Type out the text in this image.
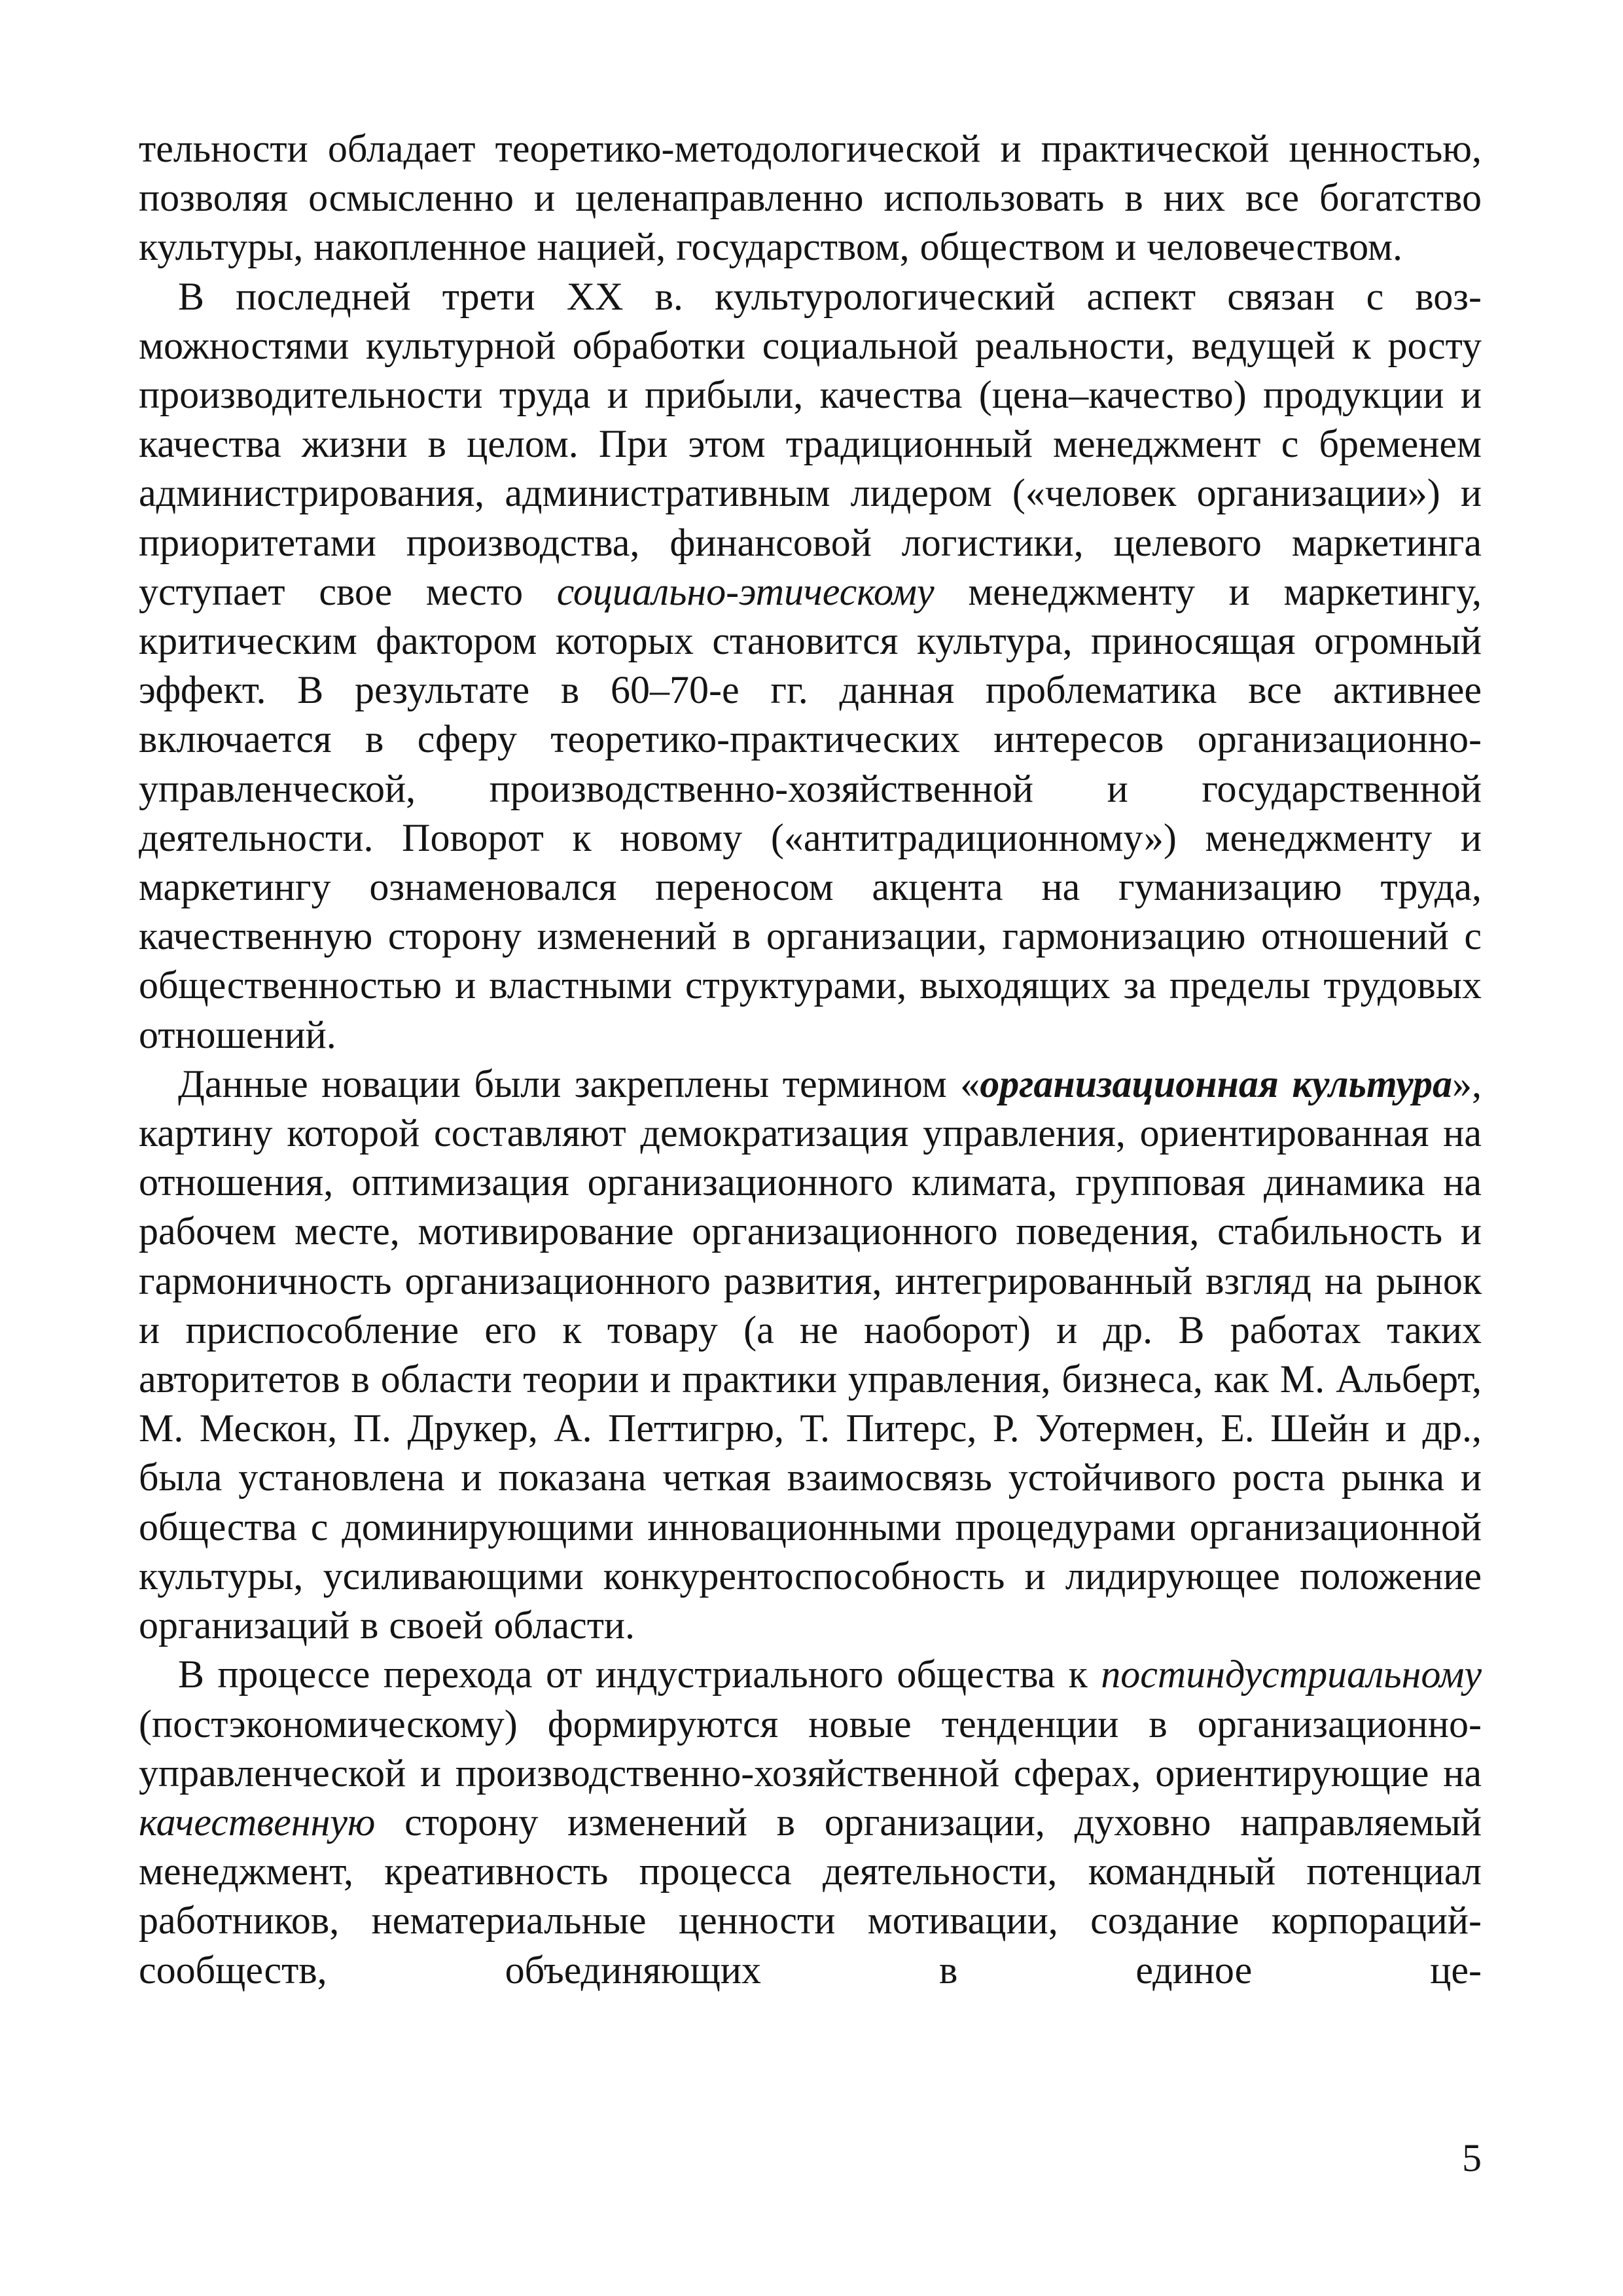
тельности обладает теоретико-методологической и практической ценностью, позволяя осмысленно и целенаправленно использовать в них все богатство культуры, накопленное нацией, государством, обществом и человечеством.

В последней трети XX в. культурологический аспект связан с возможностями культурной обработки социальной реальности, ведущей к росту производительности труда и прибыли, качества (цена–качество) продукции и качества жизни в целом. При этом традиционный менеджмент с бременем администрирования, административным лидером («человек организации») и приоритетами производства, финансовой логистики, целевого маркетинга уступает свое место социально-этическому менеджменту и маркетингу, критическим фактором которых становится культура, приносящая огромный эффект. В результате в 60–70-е гг. данная проблематика все активнее включается в сферу теоретико-практических интересов организационно-управленческой, производственно-хозяйственной и государственной деятельности. Поворот к новому («антитрадиционному») менеджменту и маркетингу ознаменовался переносом акцента на гуманизацию труда, качественную сторону изменений в организации, гармонизацию отношений с общественностью и властными структурами, выходящих за пределы трудовых отношений.

Данные новации были закреплены термином «организационная культура», картину которой составляют демократизация управления, ориентированная на отношения, оптимизация организационного климата, групповая динамика на рабочем месте, мотивирование организационного поведения, стабильность и гармоничность организационного развития, интегрированный взгляд на рынок и приспособление его к товару (а не наоборот) и др. В работах таких авторитетов в области теории и практики управления, бизнеса, как М. Альберт, М. Мескон, П. Друкер, А. Петтигрю, Т. Питерс, Р. Уотермен, Е. Шейн и др., была установлена и показана четкая взаимосвязь устойчивого роста рынка и общества с доминирующими инновационными процедурами организационной культуры, усиливающими конкурентоспособность и лидирующее положение организаций в своей области.

В процессе перехода от индустриального общества к постиндустриальному (постэкономическому) формируются новые тенденции в организационно-управленческой и производственно-хозяйственной сферах, ориентирующие на качественную сторону изменений в организации, духовно направляемый менеджмент, креативность процесса деятельности, командный потенциал работников, нематериальные ценности мотивации, создание корпораций-сообществ, объединяющих в единое це-

5
